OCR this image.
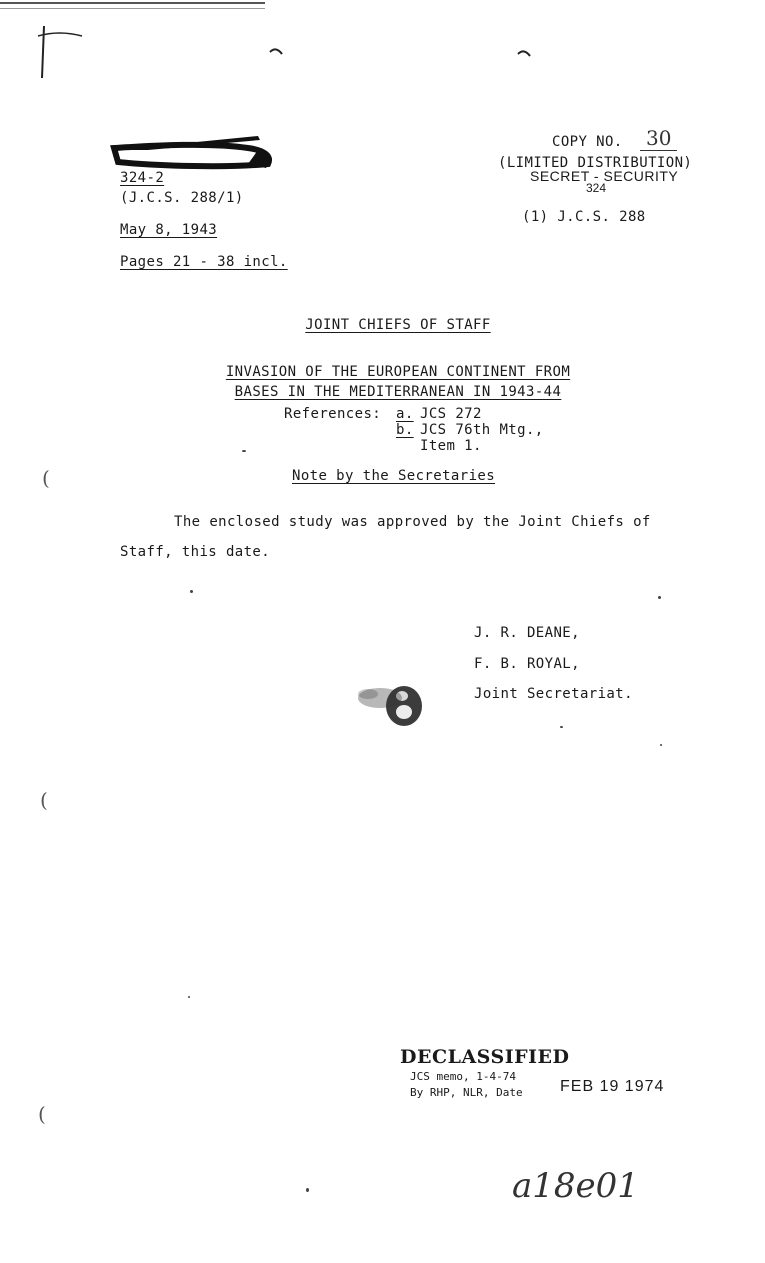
324-2
(J.C.S. 288/1)
May 8, 1943
Pages 21 - 38 incl.
COPY NO.	30
(LIMITED DISTRIBUTION)
SECRET - SECURITY
324
(1) J.C.S. 288
JOINT CHIEFS OF STAFF
INVASION OF THE EUROPEAN CONTINENT FROM
BASES IN THE MEDITERRANEAN IN 1943-44
References: a. JCS 272
b. JCS 76th Mtg.,
Item 1.
Note by the Secretaries
The enclosed study was approved by the Joint Chiefs of
Staff, this date.
J. R. DEANE,
F. B. ROYAL,
Joint Secretariat.
(
(
(
DECLASSIFIED
JCS memo, 1-4-74
By RHP, NLR, Date FEB 19 1974
a18e01
